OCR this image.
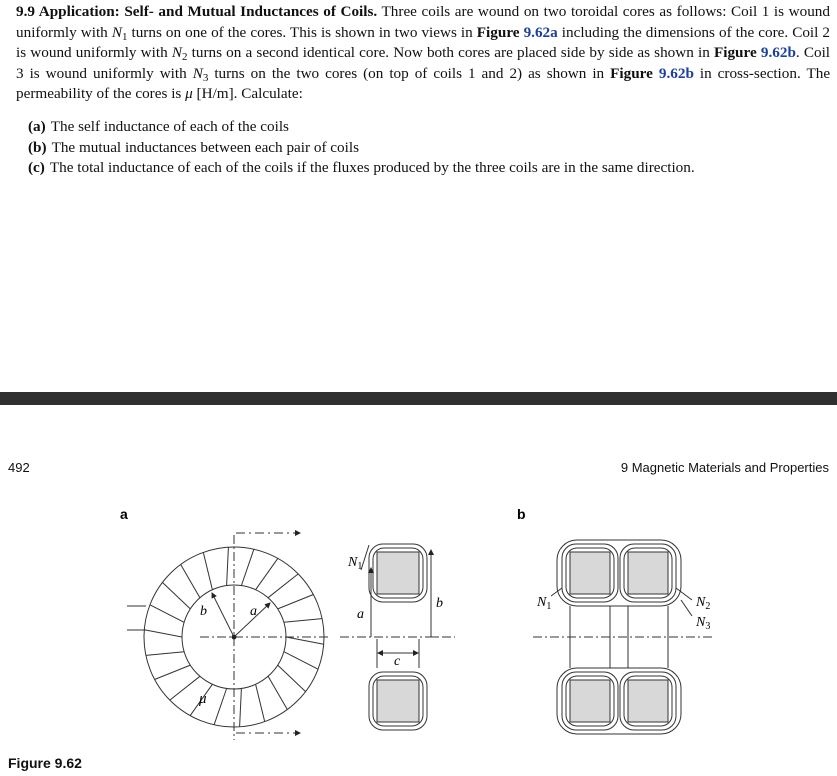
9.9 Application: Self- and Mutual Inductances of Coils. Three coils are wound on two toroidal cores as follows: Coil 1 is wound uniformly with $N_1$ turns on one of the cores. This is shown in two views in Figure 9.62a including the dimensions of the core. Coil 2 is wound uniformly with $N_2$ turns on a second identical core. Now both cores are placed side by side as shown in Figure 9.62b. Coil 3 is wound uniformly with $N_3$ turns on the two cores (on top of coils 1 and 2) as shown in Figure 9.62b in cross-section. The permeability of the cores is μ [H/m]. Calculate:

(a) The self inductance of each of the coils
(b) The mutual inductances between each pair of coils
(c) The total inductance of each of the coils if the fluxes produced by the three coils are in the same direction.
492	9 Magnetic Materials and Properties
a	b
b	a
μ
$N_1$
a
b
c
$N_1$	$N_2$
$N_3$
Figure 9.62
